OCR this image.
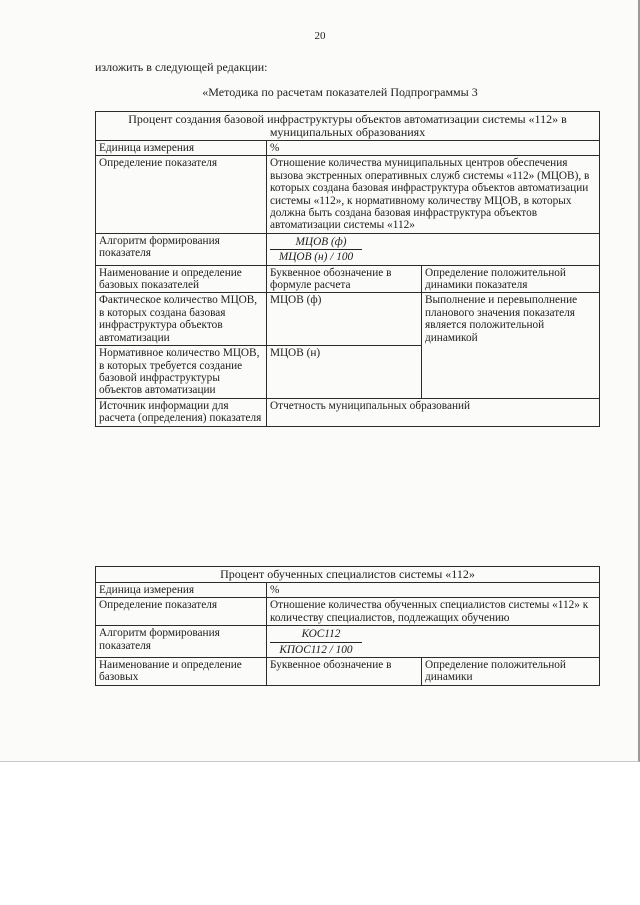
20
изложить в следующей редакции:
«Методика по расчетам показателей Подпрограммы 3
Процент создания базовой инфраструктуры объектов автоматизации системы «112» в муниципальных образованиях		
Единица измерения	%	
Определение показателя	Отношение количества муниципальных центров обеспечения вызова экстренных оперативных служб системы «112» (МЦОВ), в которых создана базовая инфраструктура объектов автоматизации системы «112», к нормативному количеству МЦОВ, в которых должна быть создана базовая инфраструктура объектов автоматизации системы «112»	
Алгоритм формирования показателя	МЦОВ (ф)
МЦОВ (н) / 100	

Наименование и определение базовых показателей	Буквенное обозначение в формуле расчета	Определение положительной динамики показателя
Фактическое количество МЦОВ, в которых создана базовая инфраструктура объектов автоматизации	МЦОВ (ф)	Выполнение и перевыполнение планового значения показателя является положительной динамикой
Нормативное количество МЦОВ, в которых требуется создание базовой инфраструктуры объектов автоматизации	МЦОВ (н)	
Источник информации для расчета (определения) показателя	Отчетность муниципальных образований	
Процент обученных специалистов системы «112»		
Единица измерения	%	
Определение показателя	Отношение количества обученных специалистов системы «112» к количеству специалистов, подлежащих обучению	
Алгоритм формирования показателя	КОС112
КПОС112 / 100	

Наименование и определение базовых	Буквенное обозначение в	Определение положительной динамики
